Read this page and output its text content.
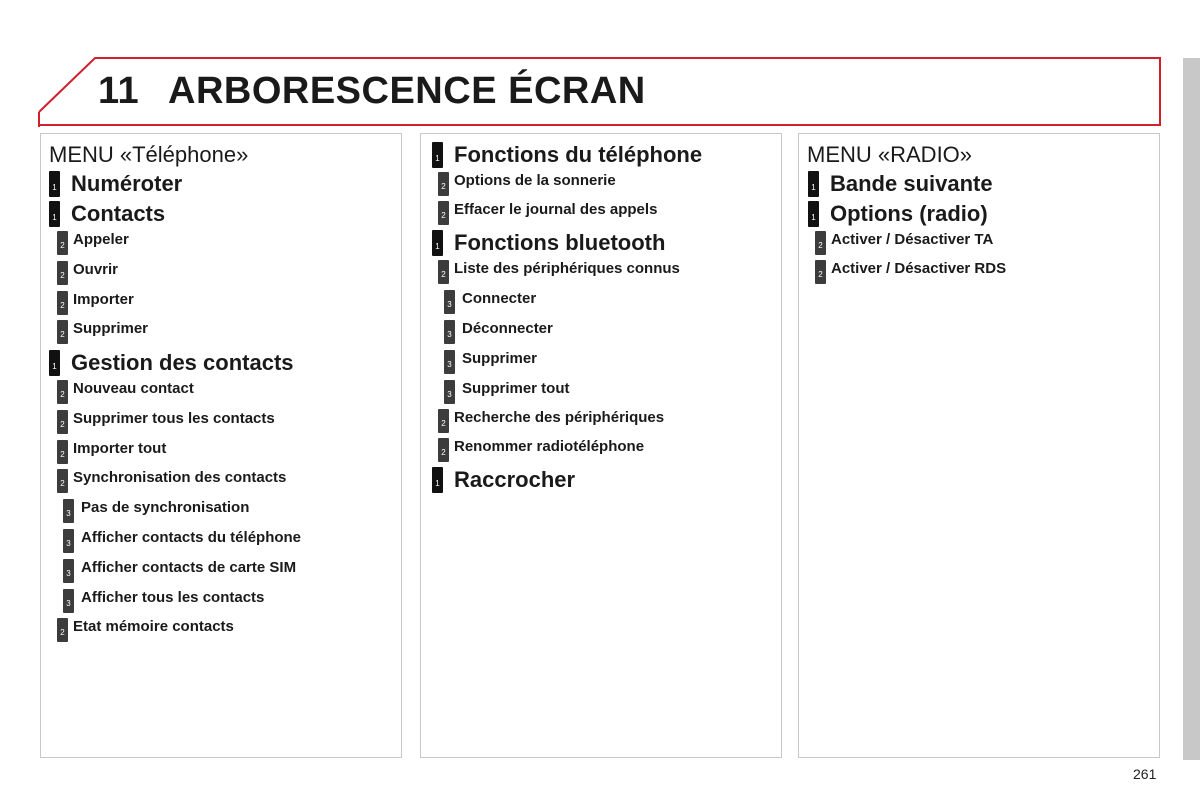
11 ARBORESCENCE ÉCRAN
MENU «Téléphone»
1 Numéroter
1 Contacts
2 Appeler
2 Ouvrir
2 Importer
2 Supprimer
1 Gestion des contacts
2 Nouveau contact
2 Supprimer tous les contacts
2 Importer tout
2 Synchronisation des contacts
3 Pas de synchronisation
3 Afficher contacts du téléphone
3 Afficher contacts de carte SIM
3 Afficher tous les contacts
2 Etat mémoire contacts
1 Fonctions du téléphone
2 Options de la sonnerie
2 Effacer le journal des appels
1 Fonctions bluetooth
2 Liste des périphériques connus
3 Connecter
3 Déconnecter
3 Supprimer
3 Supprimer tout
2 Recherche des périphériques
2 Renommer radiotéléphone
1 Raccrocher
MENU «RADIO»
1 Bande suivante
1 Options (radio)
2 Activer / Désactiver TA
2 Activer / Désactiver RDS
261
